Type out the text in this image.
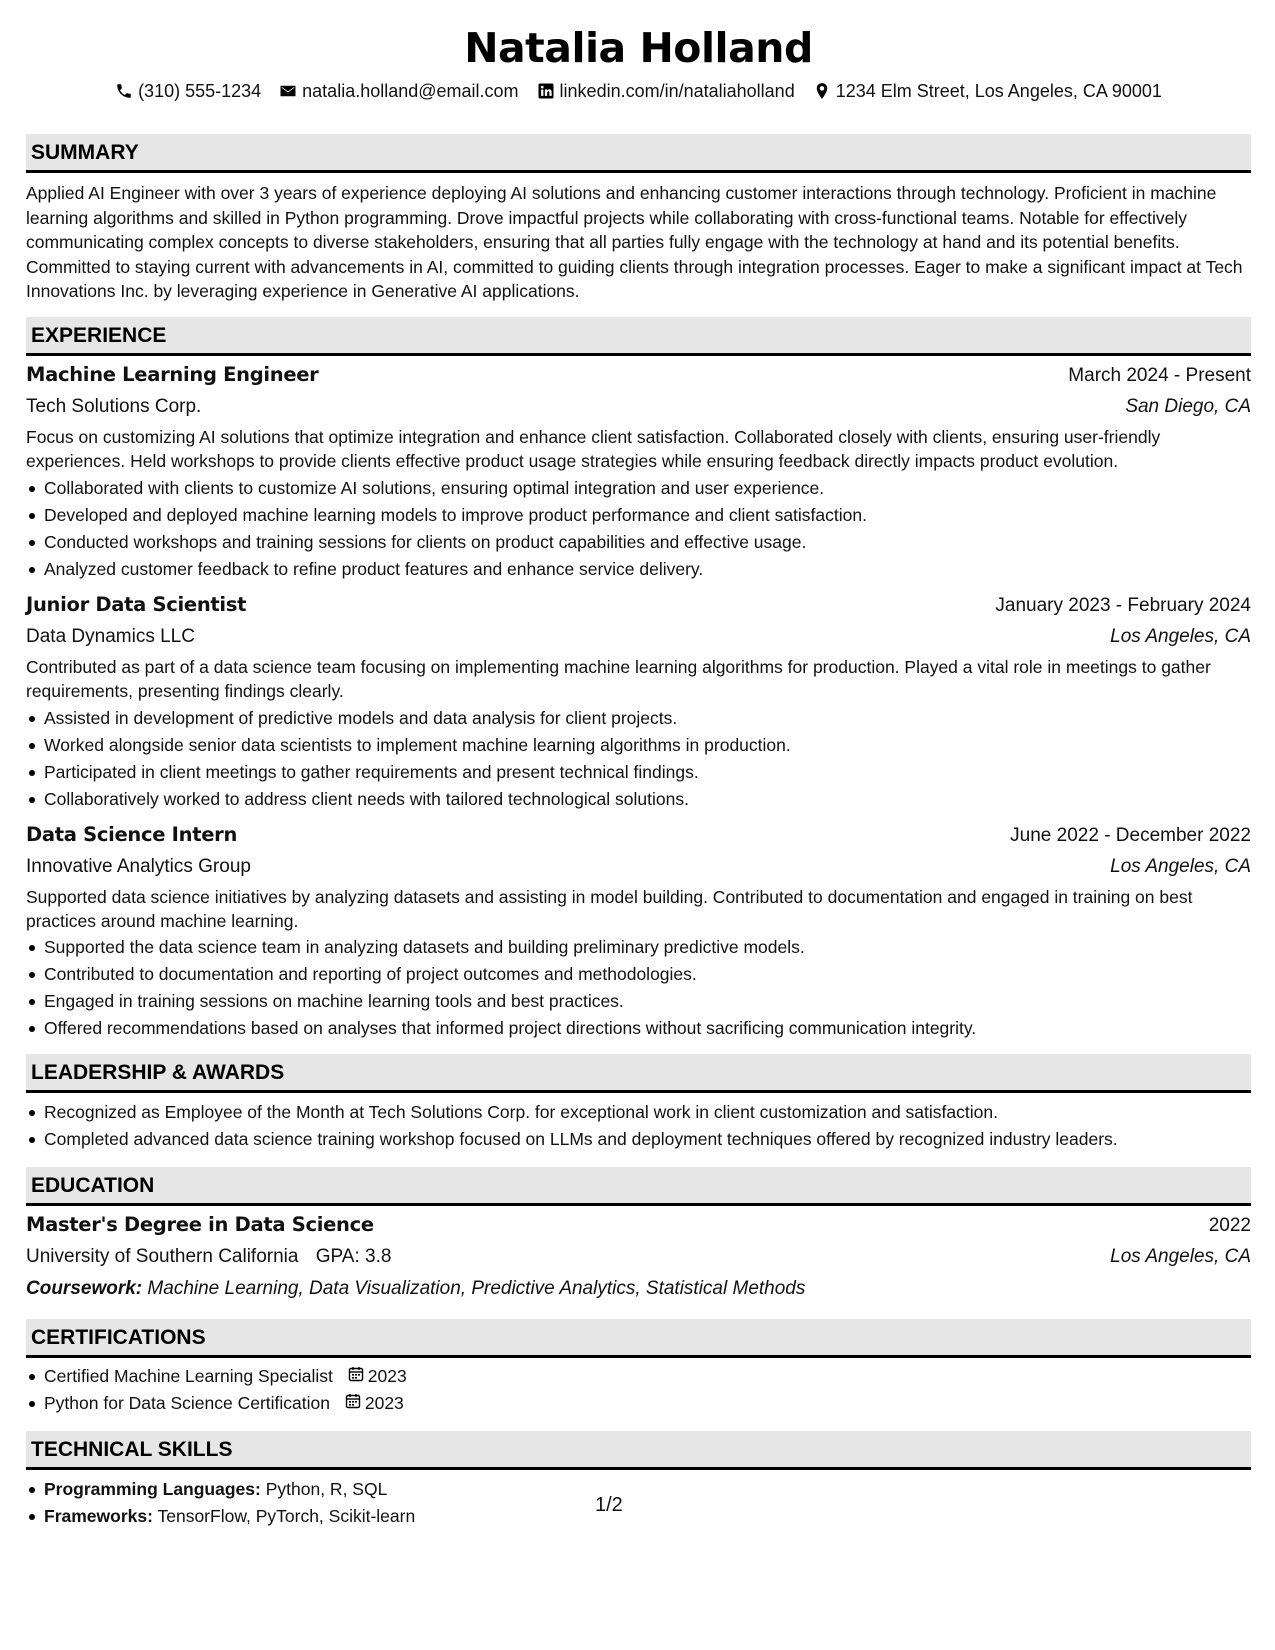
Natalia Holland
(310) 555-1234 natalia.holland@email.com linkedin.com/in/nataliaholland 1234 Elm Street, Los Angeles, CA 90001
SUMMARY

Applied AI Engineer with over 3 years of experience deploying AI solutions and enhancing customer interactions through technology. Proficient in machine learning algorithms and skilled in Python programming. Drove impactful projects while collaborating with cross-functional teams. Notable for effectively communicating complex concepts to diverse stakeholders, ensuring that all parties fully engage with the technology at hand and its potential benefits. Committed to staying current with advancements in AI, committed to guiding clients through integration processes. Eager to make a significant impact at Tech Innovations Inc. by leveraging experience in Generative AI applications.

EXPERIENCE
Machine Learning Engineer	March 2024 - Present
Tech Solutions Corp.	San Diego, CA

Focus on customizing AI solutions that optimize integration and enhance client satisfaction. Collaborated closely with clients, ensuring user-friendly experiences. Held workshops to provide clients effective product usage strategies while ensuring feedback directly impacts product evolution.

Collaborated with clients to customize AI solutions, ensuring optimal integration and user experience.
Developed and deployed machine learning models to improve product performance and client satisfaction.
Conducted workshops and training sessions for clients on product capabilities and effective usage.
Analyzed customer feedback to refine product features and enhance service delivery.
Junior Data Scientist	January 2023 - February 2024
Data Dynamics LLC	Los Angeles, CA

Contributed as part of a data science team focusing on implementing machine learning algorithms for production. Played a vital role in meetings to gather requirements, presenting findings clearly.

Assisted in development of predictive models and data analysis for client projects.
Worked alongside senior data scientists to implement machine learning algorithms in production.
Participated in client meetings to gather requirements and present technical findings.
Collaboratively worked to address client needs with tailored technological solutions.
Data Science Intern	June 2022 - December 2022
Innovative Analytics Group	Los Angeles, CA

Supported data science initiatives by analyzing datasets and assisting in model building. Contributed to documentation and engaged in training on best practices around machine learning.

Supported the data science team in analyzing datasets and building preliminary predictive models.
Contributed to documentation and reporting of project outcomes and methodologies.
Engaged in training sessions on machine learning tools and best practices.
Offered recommendations based on analyses that informed project directions without sacrificing communication integrity.
LEADERSHIP & AWARDS
Recognized as Employee of the Month at Tech Solutions Corp. for exceptional work in client customization and satisfaction.
Completed advanced data science training workshop focused on LLMs and deployment techniques offered by recognized industry leaders.
EDUCATION
Master's Degree in Data Science	2022
University of Southern California GPA: 3.8	Los Angeles, CA
Coursework: Machine Learning, Data Visualization, Predictive Analytics, Statistical Methods
CERTIFICATIONS
Certified Machine Learning Specialist 2023
Python for Data Science Certification 2023
TECHNICAL SKILLS
Programming Languages: Python, R, SQL
Frameworks: TensorFlow, PyTorch, Scikit-learn
1/2
